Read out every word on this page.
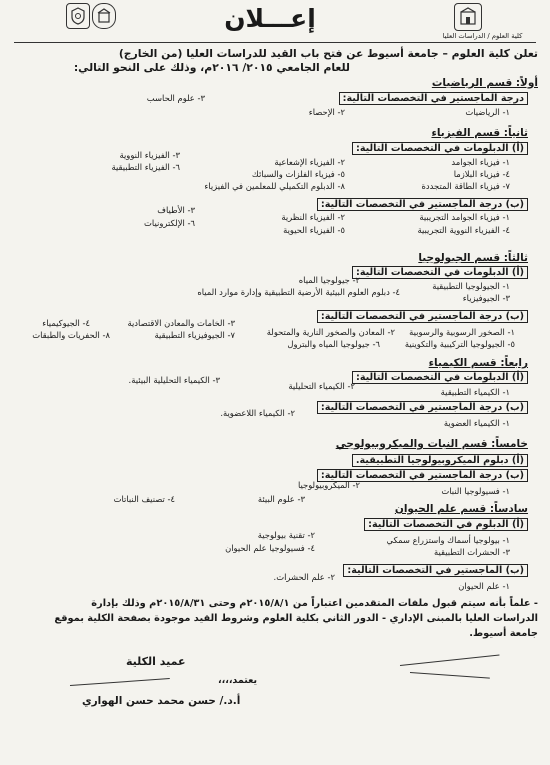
إعـــلان
كلية العلوم / الدراسات العليا
تعلن كلية العلوم – جامعة أسيوط عن فتح باب القيد للدراسات العليا (من الخارج)
للعام الجامعي ٢٠١٥/ ٢٠١٦م، وذلك على النحو التالي:
أولاً: قسم الرياضيات
درجة الماجستير في التخصصات التالية:
١- الرياضيات
٢- الإحصاء
٣- علوم الحاسب
ثانياً: قسم الفيزياء
(أ) الدبلومات في التخصصات التالية:
١- فيزياء الجوامد
٢- الفيزياء الإشعاعية
٣- الفيزياء النووية
٤- فيزياء البلازما
٥- فيزياء الفلزات والسبائك
٦- الفيزياء التطبيقية
٧- فيزياء الطاقة المتجددة
٨- الدبلوم التكميلي للمعلمين في الفيزياء
(ب) درجة الماجستير في التخصصات التالية:
١- فيزياء الجوامد التجريبية
٢- الفيزياء النظرية
٣- الأطياف
٤- الفيزياء النووية التجريبية
٥- الفيزياء الحيوية
٦- الإلكترونيات
ثالثاً: قسم الجيولوجيا
(أ) الدبلومات في التخصصات التالية:
١- الجيولوجيا التطبيقية
٢- جيولوجيا المياه
٣- الجيوفيزياء
٤- دبلوم العلوم البيئية الأرضية التطبيقية وإدارة موارد المياه
(ب) درجة الماجستير في التخصصات التالية:
١- الصخور الرسوبية والرسوبية
٢- المعادن والصخور النارية والمتحولة
٣- الخامات والمعادن الاقتصادية
٤- الجيوكيمياء
٥- الجيولوجيا التركيبية والتكوينية
٦- جيولوجيا المياه والبترول
٧- الجيوفيزياء التطبيقية
٨- الحفريات والطبقات
رابعاً: قسم الكيمياء
(أ) الدبلومات في التخصصات التالية:
١- الكيمياء التطبيقية
٢- الكيمياء التحليلية
٣- الكيمياء التحليلية البيئية.
(ب) درجة الماجستير في التخصصات التالية:
١- الكيمياء العضوية
٢- الكيمياء اللاعضوية.
خامساً: قسم النبات والميكروبيولوجي
(أ) دبلوم الميكروبيولوجيا التطبيقية.
(ب) درجة الماجستير في التخصصات التالية:
١- فسيولوجيا النبات
٢- الميكروبيولوجيا
٣- علوم البيئة
٤- تصنيف النباتات
سادساً: قسم علم الحيوان
(أ) الدبلوم في التخصصات التالية:
١- بيولوجيا أسماك واستزراع سمكي
٢- تقنية بيولوجية
٣- الحشرات التطبيقية
٤- فسيولوجيا علم الحيوان
(ب) الماجستير في التخصصات التالية:
١- علم الحيوان
٢- علم الحشرات.
- علماً بأنه سيتم قبول ملفات المتقدمين اعتباراً من ٢٠١٥/٨/١م وحتى ٢٠١٥/٨/٣١م وذلك بإدارة
الدراسات العليا بالمبنى الإداري - الدور الثاني بكلية العلوم وشروط القيد موجودة بصفحة الكلية بموقع
جامعة أسيوط.
يعتمد،،،،
عميد الكلية
أ.د./ حسن محمد حسن الهواري
